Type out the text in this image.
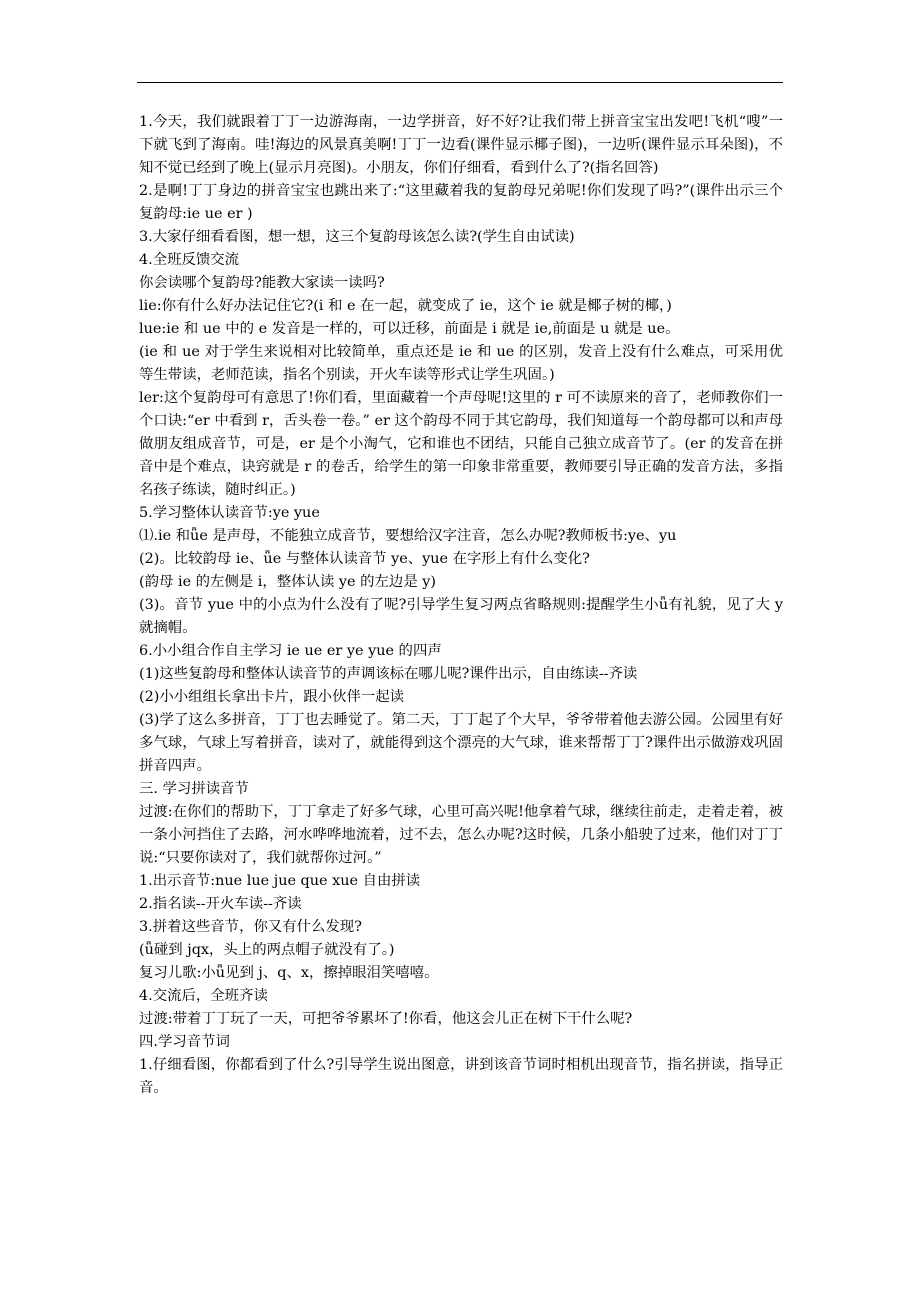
1.今天，我们就跟着丁丁一边游海南，一边学拼音，好不好?让我们带上拼音宝宝出发吧!飞机“嗖”一下就飞到了海南。哇!海边的风景真美啊!丁丁一边看(课件显示椰子图)，一边听(课件显示耳朵图)，不知不觉已经到了晚上(显示月亮图)。小朋友，你们仔细看，看到什么了?(指名回答)

2.是啊!丁丁身边的拼音宝宝也跳出来了:“这里藏着我的复韵母兄弟呢!你们发现了吗?”(课件出示三个复韵母:ie ue er )

3.大家仔细看看图，想一想，这三个复韵母该怎么读?(学生自由试读)

4.全班反馈交流

你会读哪个复韵母?能教大家读一读吗?

lie:你有什么好办法记住它?(i 和 e 在一起，就变成了 ie，这个 ie 就是椰子树的椰，)

lue:ie 和 ue 中的 e 发音是一样的，可以迁移，前面是 i 就是 ie,前面是 u 就是 ue。

(ie 和 ue 对于学生来说相对比较简单，重点还是 ie 和 ue 的区别，发音上没有什么难点，可采用优等生带读，老师范读，指名个别读，开火车读等形式让学生巩固。)

ler:这个复韵母可有意思了!你们看，里面藏着一个声母呢!这里的 r 可不读原来的音了，老师教你们一个口诀:“er 中看到 r，舌头卷一卷。” er 这个韵母不同于其它韵母，我们知道每一个韵母都可以和声母做朋友组成音节，可是，er 是个小淘气，它和谁也不团结，只能自己独立成音节了。(er 的发音在拼音中是个难点，诀窍就是 r 的卷舌，给学生的第一印象非常重要，教师要引导正确的发音方法，多指名孩子练读，随时纠正。)

5.学习整体认读音节:ye yue

⑴.ie 和ǖe 是声母，不能独立成音节，要想给汉字注音，怎么办呢?教师板书:ye、yu

(2)。比较韵母 ie、ǖe 与整体认读音节 ye、yue 在字形上有什么变化?

(韵母 ie 的左侧是 i，整体认读 ye 的左边是 y)

(3)。音节 yue 中的小点为什么没有了呢?引导学生复习两点省略规则:提醒学生小ǖ有礼貌，见了大 y 就摘帽。

6.小小组合作自主学习 ie ue er ye yue 的四声

(1)这些复韵母和整体认读音节的声调该标在哪儿呢?课件出示，自由练读--齐读

(2)小小组组长拿出卡片，跟小伙伴一起读

(3)学了这么多拼音，丁丁也去睡觉了。第二天，丁丁起了个大早，爷爷带着他去游公园。公园里有好多气球，气球上写着拼音，读对了，就能得到这个漂亮的大气球，谁来帮帮丁丁?课件出示做游戏巩固拼音四声。

三. 学习拼读音节

过渡:在你们的帮助下，丁丁拿走了好多气球，心里可高兴呢!他拿着气球，继续往前走，走着走着，被一条小河挡住了去路，河水哗哗地流着，过不去，怎么办呢?这时候，几条小船驶了过来，他们对丁丁说:“只要你读对了，我们就帮你过河。”

1.出示音节:nue lue jue que xue 自由拼读

2.指名读--开火车读--齐读

3.拼着这些音节，你又有什么发现?

(ǖ碰到 jqx，头上的两点帽子就没有了。)

复习儿歌:小ǖ见到 j、q、x，擦掉眼泪笑嘻嘻。

4.交流后，全班齐读

过渡:带着丁丁玩了一天，可把爷爷累坏了!你看，他这会儿正在树下干什么呢?

四.学习音节词

1.仔细看图，你都看到了什么?引导学生说出图意，讲到该音节词时相机出现音节，指名拼读，指导正音。
